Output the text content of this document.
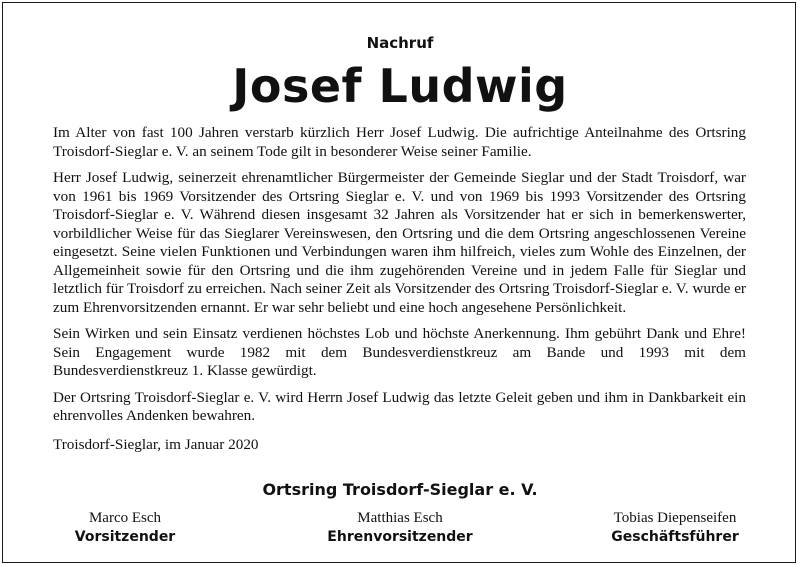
Nachruf
Josef Ludwig

Im Alter von fast 100 Jahren verstarb kürzlich Herr Josef Ludwig. Die aufrichtige Anteilnahme des Ortsring Troisdorf-Sieglar e. V. an seinem Tode gilt in besonderer Weise seiner Familie.

Herr Josef Ludwig, seinerzeit ehrenamtlicher Bürgermeister der Gemeinde Sieglar und der Stadt Troisdorf, war von 1961 bis 1969 Vorsitzender des Ortsring Sieglar e. V. und von 1969 bis 1993 Vorsitzender des Ortsring Troisdorf-Sieglar e. V. Während diesen insgesamt 32 Jahren als Vorsitzender hat er sich in bemerkenswerter, vorbildlicher Weise für das Sieglarer Vereinswesen, den Ortsring und die dem Ortsring angeschlossenen Vereine eingesetzt. Seine vielen Funktionen und Verbindungen waren ihm hilfreich, vieles zum Wohle des Einzelnen, der Allgemeinheit sowie für den Ortsring und die ihm zugehörenden Vereine und in jedem Falle für Sieglar und letztlich für Troisdorf zu erreichen. Nach seiner Zeit als Vorsitzender des Ortsring Troisdorf-Sieglar e. V. wurde er zum Ehrenvorsitzenden ernannt. Er war sehr beliebt und eine hoch angesehene Persönlichkeit.

Sein Wirken und sein Einsatz verdienen höchstes Lob und höchste Anerkennung. Ihm gebührt Dank und Ehre! Sein Engagement wurde 1982 mit dem Bundesverdienstkreuz am Bande und 1993 mit dem Bundesverdienstkreuz 1. Klasse gewürdigt.

Der Ortsring Troisdorf-Sieglar e. V. wird Herrn Josef Ludwig das letzte Geleit geben und ihm in Dankbarkeit ein ehrenvolles Andenken bewahren.

Troisdorf-Sieglar, im Januar 2020
Ortsring Troisdorf-Sieglar e. V.
Marco Esch
Vorsitzender
Matthias Esch
Ehrenvorsitzender
Tobias Diepenseifen
Geschäftsführer
